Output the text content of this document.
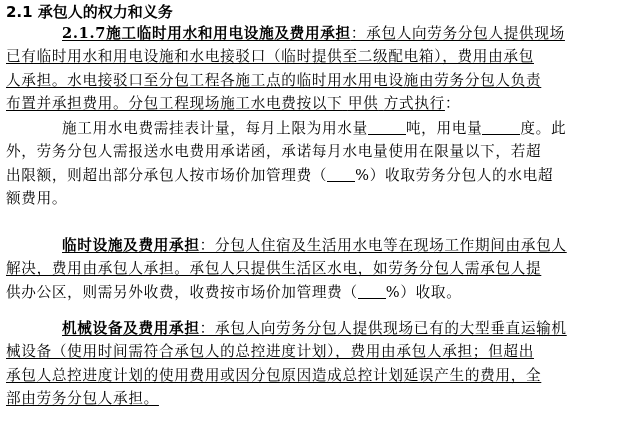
2.1 承包人的权力和义务
2.1.7施工临时用水和用电设施及费用承担：承包人向劳务分包人提供现场
已有临时用水和用电设施和水电接驳口（临时提供至二级配电箱），费用由承包
人承担。水电接驳口至分包工程各施工点的临时用水用电设施由劳务分包人负责
布置并承担费用。分包工程现场施工水电费按以下 甲供 方式执行：
施工用水电费需挂表计量，每月上限为用水量	吨，用电量	度。此
外，劳务分包人需报送水电费用承诺函，承诺每月水电量使用在限量以下，若超
出限额，则超出部分承包人按市场价加管理费（ %）收取劳务分包人的水电超
额费用。
临时设施及费用承担：分包人住宿及生活用水电等在现场工作期间由承包人
解决，费用由承包人承担。承包人只提供生活区水电，如劳务分包人需承包人提
供办公区，则需另外收费，收费按市场价加管理费（ %）收取。
机械设备及费用承担：承包人向劳务分包人提供现场已有的大型垂直运输机
械设备（使用时间需符合承包人的总控进度计划），费用由承包人承担；但超出
承包人总控进度计划的使用费用或因分包原因造成总控计划延误产生的费用，全
部由劳务分包人承担。
